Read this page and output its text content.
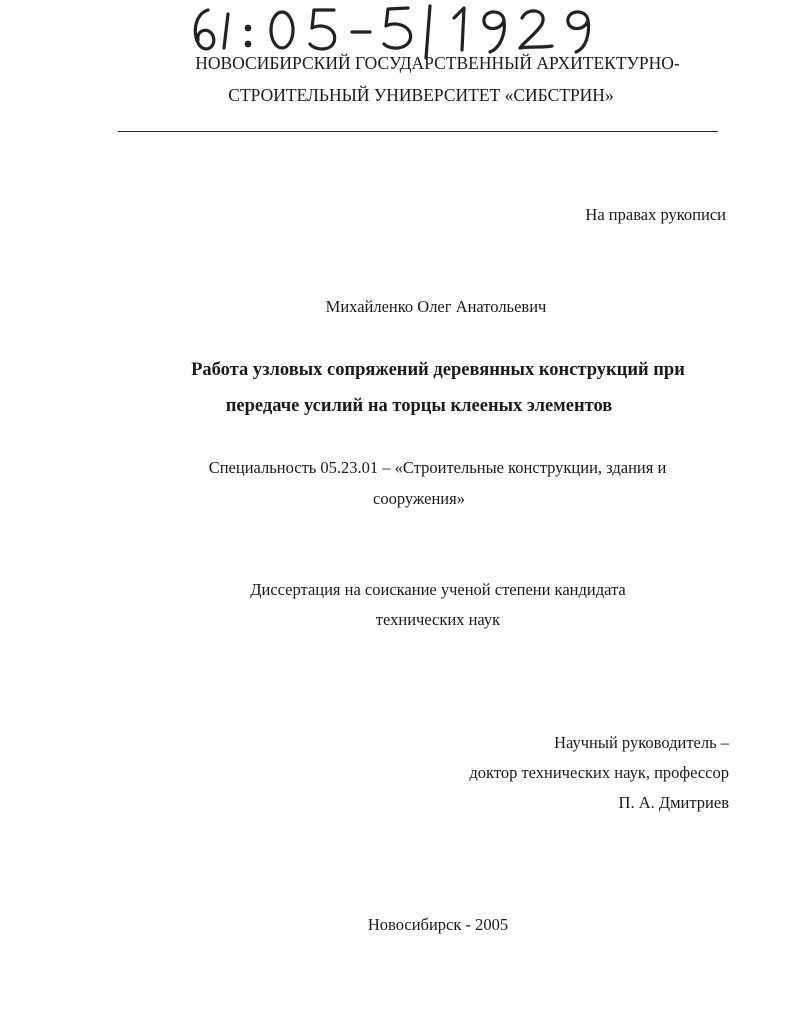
НОВОСИБИРСКИЙ ГОСУДАРСТВЕННЫЙ АРХИТЕКТУРНО-
СТРОИТЕЛЬНЫЙ УНИВЕРСИТЕТ «СИБСТРИН»
На правах рукописи
Михайленко Олег Анатольевич
Работа узловых сопряжений деревянных конструкций при
передаче усилий на торцы клееных элементов
Специальность 05.23.01 – «Строительные конструкции, здания и
сооружения»
Диссертация на соискание ученой степени кандидата
технических наук
Научный руководитель –
доктор технических наук, профессор
П. А. Дмитриев
Новосибирск - 2005
